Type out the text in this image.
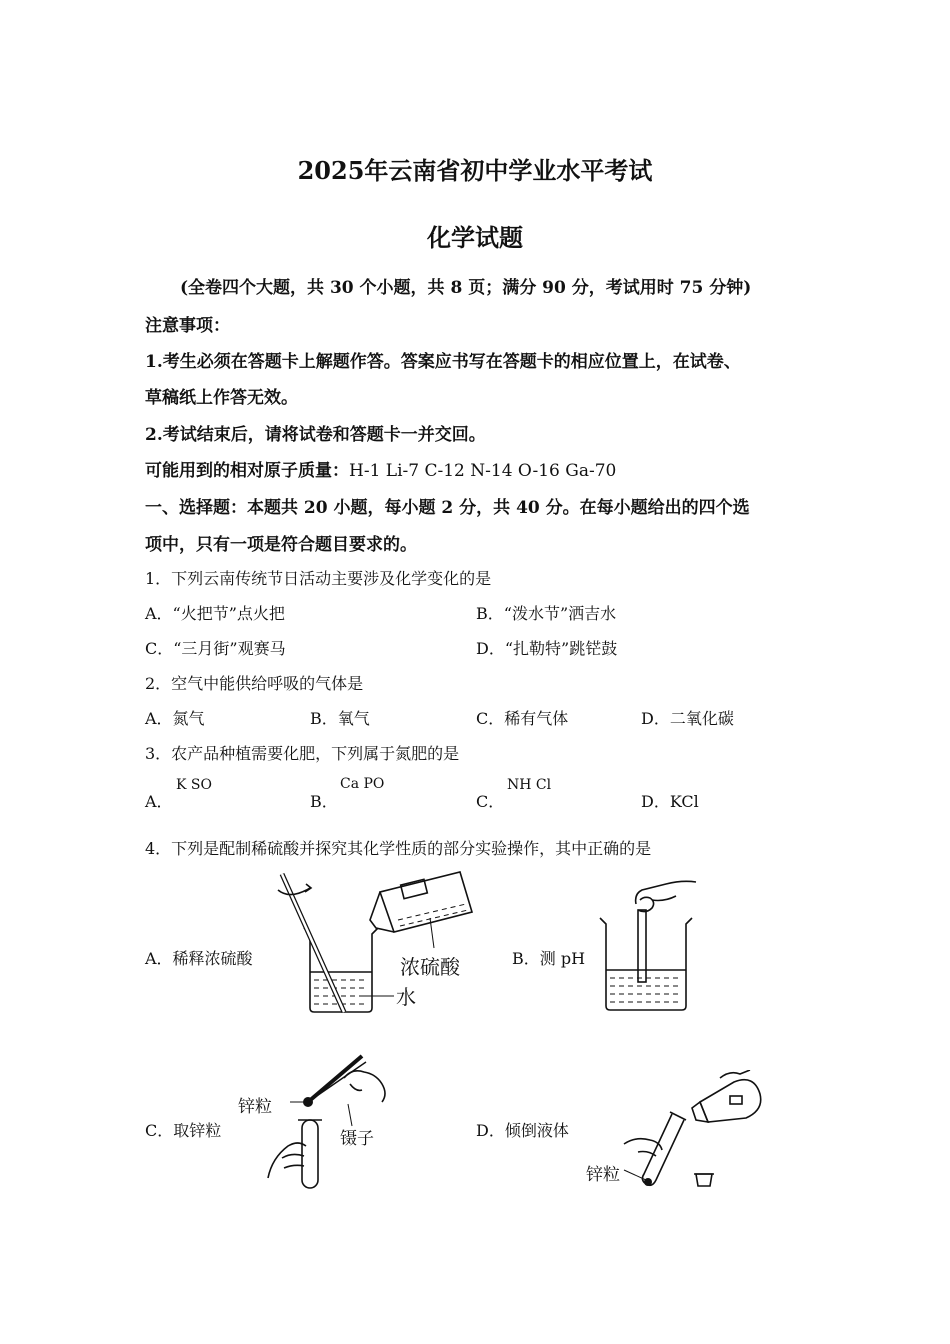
2025年云南省初中学业水平考试
化学试题
(全卷四个大题，共 30 个小题，共 8 页；满分 90 分，考试用时 75 分钟)
注意事项：
1.考生必须在答题卡上解题作答。答案应书写在答题卡的相应位置上，在试卷、
草稿纸上作答无效。
2.考试结束后，请将试卷和答题卡一并交回。
可能用到的相对原子质量：H-1 Li-7 C-12 N-14 O-16 Ga-70
一、选择题：本题共 20 小题，每小题 2 分，共 40 分。在每小题给出的四个选
项中，只有一项是符合题目要求的。
1．下列云南传统节日活动主要涉及化学变化的是
A．“火把节”点火把	B．“泼水节”洒吉水
C．“三月街”观赛马	D．“扎勒特”跳铓鼓
2．空气中能供给呼吸的气体是
A．氮气	B．氧气	C．稀有气体	D．二氧化碳
3．农产品种植需要化肥，下列属于氮肥的是
A．
K SO
B．
Ca PO
C．
NH Cl
D．KCl
4．下列是配制稀硫酸并探究其化学性质的部分实验操作，其中正确的是
A．稀释浓硫酸	B．测 pH
C．取锌粒	D．倾倒液体
浓硫酸
水
锌粒
镊子
锌粒
